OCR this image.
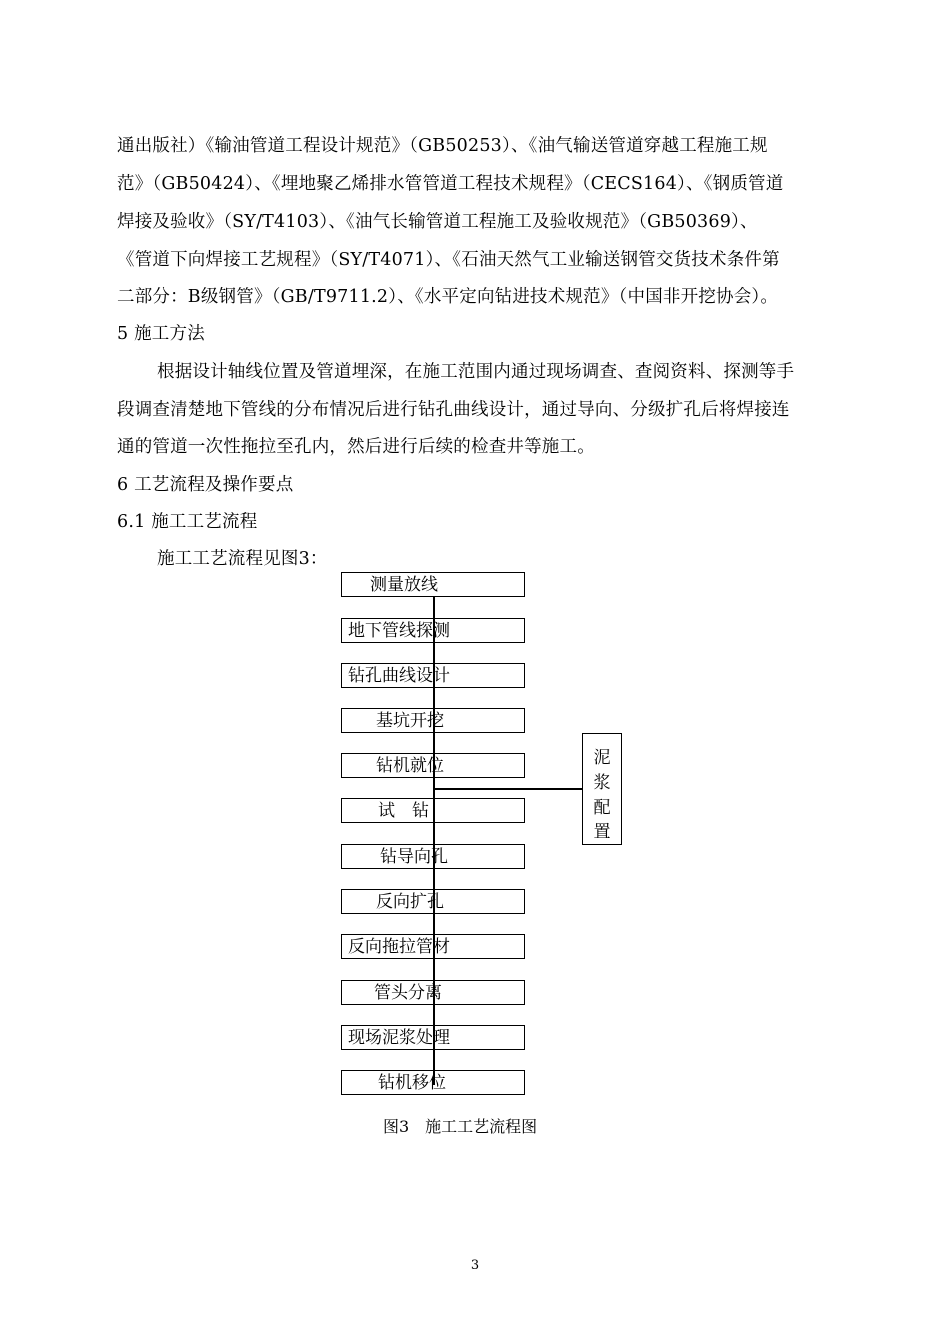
通出版社）《输油管道工程设计规范》（GB50253）、《油气输送管道穿越工程施工规
范》（GB50424）、《埋地聚乙烯排水管管道工程技术规程》（CECS164）、《钢质管道
焊接及验收》（SY/T4103）、《油气长输管道工程施工及验收规范》（GB50369）、
《管道下向焊接工艺规程》（SY/T4071）、《石油天然气工业输送钢管交货技术条件第
二部分：B级钢管》（GB/T9711.2）、《水平定向钻进技术规范》（中国非开挖协会）。
5 施工方法
根据设计轴线位置及管道埋深，在施工范围内通过现场调查、查阅资料、探测等手
段调查清楚地下管线的分布情况后进行钻孔曲线设计，通过导向、分级扩孔后将焊接连
通的管道一次性拖拉至孔内，然后进行后续的检查井等施工。
6 工艺流程及操作要点
6.1 施工工艺流程
施工工艺流程见图3：
测量放线
地下管线探测
钻孔曲线设计
基坑开挖
钻机就位
试　钻
钻导向孔
反向扩孔
反向拖拉管材
管头分离
现场泥浆处理
钻机移位
泥
浆
配
置
图3　施工工艺流程图
3
